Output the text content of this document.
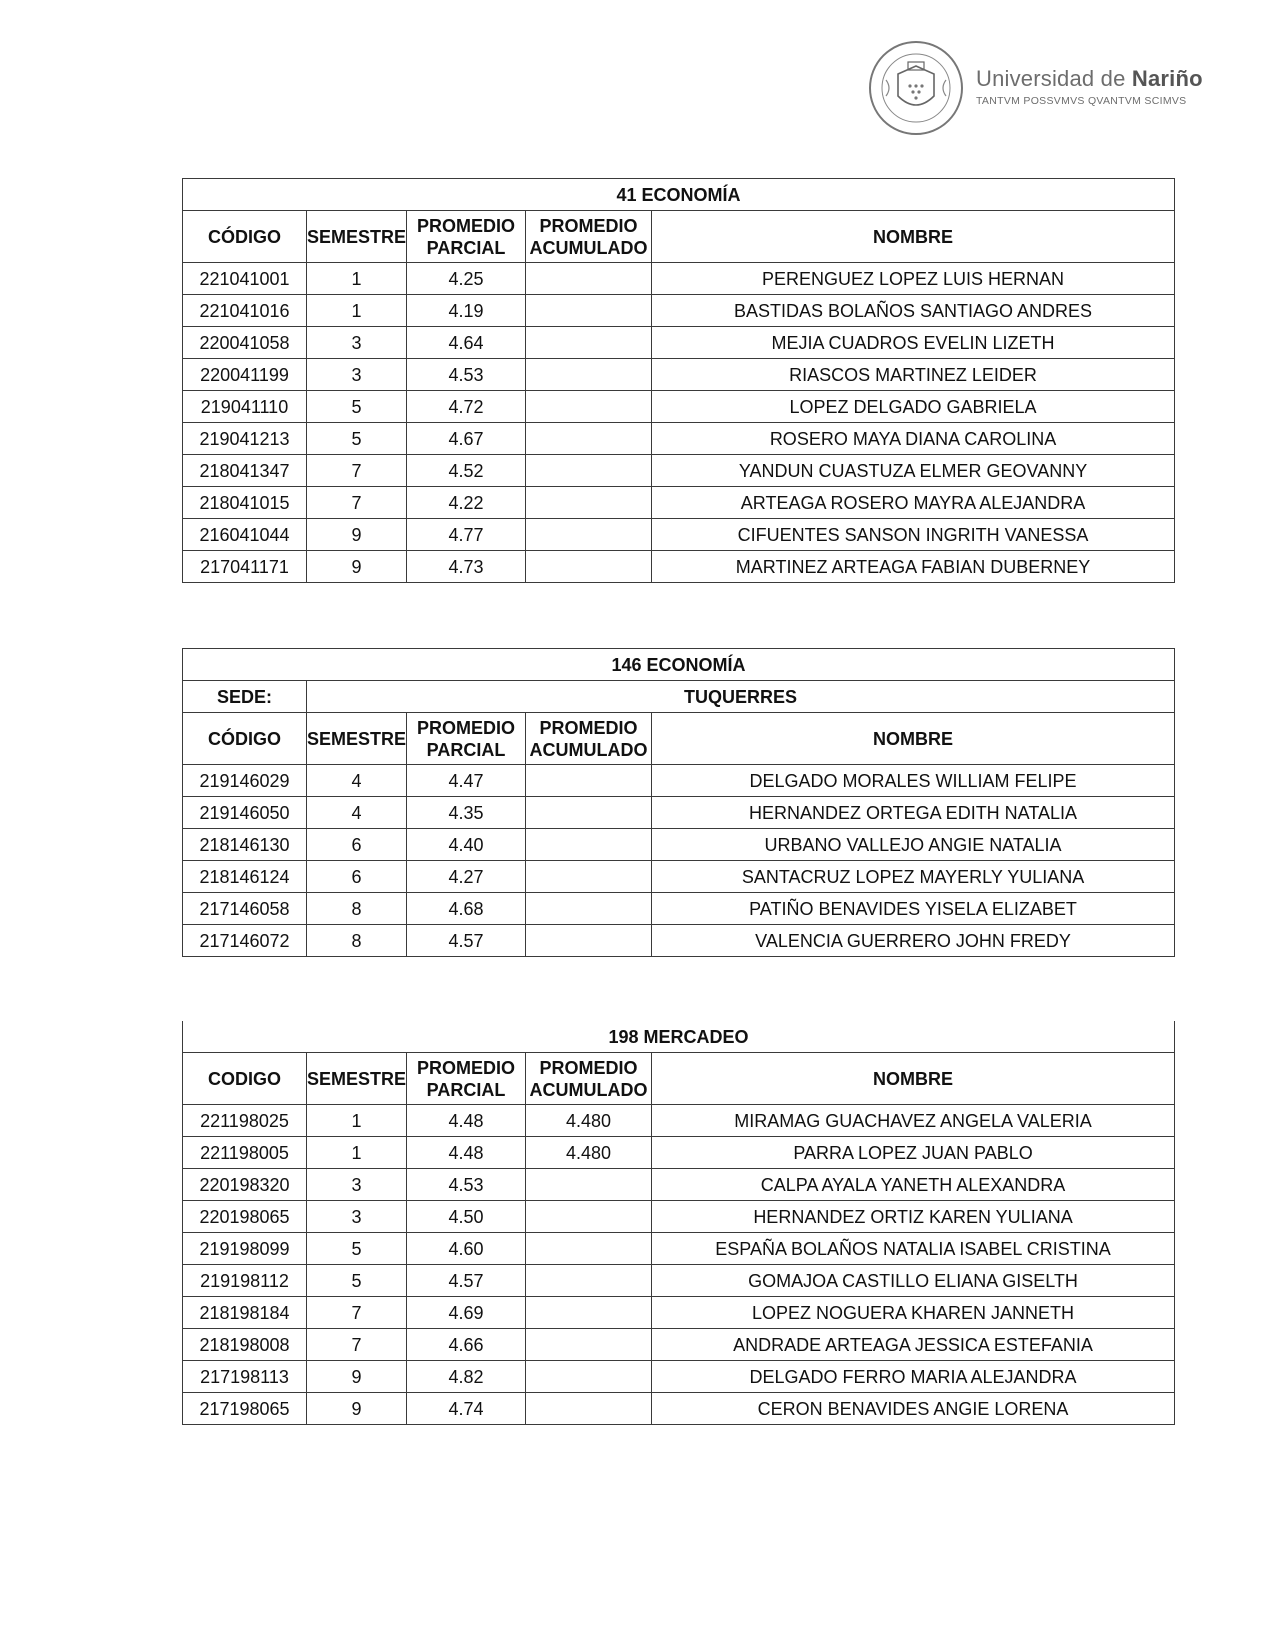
Universidad de Nariño
TANTVM POSSVMVS QVANTVM SCIMVS
41 ECONOMÍA				
CÓDIGO	SEMESTRE	PROMEDIO PARCIAL	PROMEDIO ACUMULADO	NOMBRE
221041001	1	4.25		PERENGUEZ LOPEZ LUIS HERNAN
221041016	1	4.19		BASTIDAS BOLAÑOS SANTIAGO ANDRES
220041058	3	4.64		MEJIA CUADROS EVELIN LIZETH
220041199	3	4.53		RIASCOS MARTINEZ LEIDER
219041110	5	4.72		LOPEZ DELGADO GABRIELA
219041213	5	4.67		ROSERO MAYA DIANA CAROLINA
218041347	7	4.52		YANDUN CUASTUZA ELMER GEOVANNY
218041015	7	4.22		ARTEAGA ROSERO MAYRA ALEJANDRA
216041044	9	4.77		CIFUENTES SANSON INGRITH VANESSA
217041171	9	4.73		MARTINEZ ARTEAGA FABIAN DUBERNEY
146 ECONOMÍA				
SEDE:	TUQUERRES			
CÓDIGO	SEMESTRE	PROMEDIO PARCIAL	PROMEDIO ACUMULADO	NOMBRE
219146029	4	4.47		DELGADO MORALES WILLIAM FELIPE
219146050	4	4.35		HERNANDEZ ORTEGA EDITH NATALIA
218146130	6	4.40		URBANO VALLEJO ANGIE NATALIA
218146124	6	4.27		SANTACRUZ LOPEZ MAYERLY YULIANA
217146058	8	4.68		PATIÑO BENAVIDES YISELA ELIZABET
217146072	8	4.57		VALENCIA GUERRERO JOHN FREDY
198 MERCADEO				
CODIGO	SEMESTRE	PROMEDIO PARCIAL	PROMEDIO ACUMULADO	NOMBRE
221198025	1	4.48	4.480	MIRAMAG GUACHAVEZ ANGELA VALERIA
221198005	1	4.48	4.480	PARRA LOPEZ JUAN PABLO
220198320	3	4.53		CALPA AYALA YANETH ALEXANDRA
220198065	3	4.50		HERNANDEZ ORTIZ KAREN YULIANA
219198099	5	4.60		ESPAÑA BOLAÑOS NATALIA ISABEL CRISTINA
219198112	5	4.57		GOMAJOA CASTILLO ELIANA GISELTH
218198184	7	4.69		LOPEZ NOGUERA KHAREN JANNETH
218198008	7	4.66		ANDRADE ARTEAGA JESSICA ESTEFANIA
217198113	9	4.82		DELGADO FERRO MARIA ALEJANDRA
217198065	9	4.74		CERON BENAVIDES ANGIE LORENA
